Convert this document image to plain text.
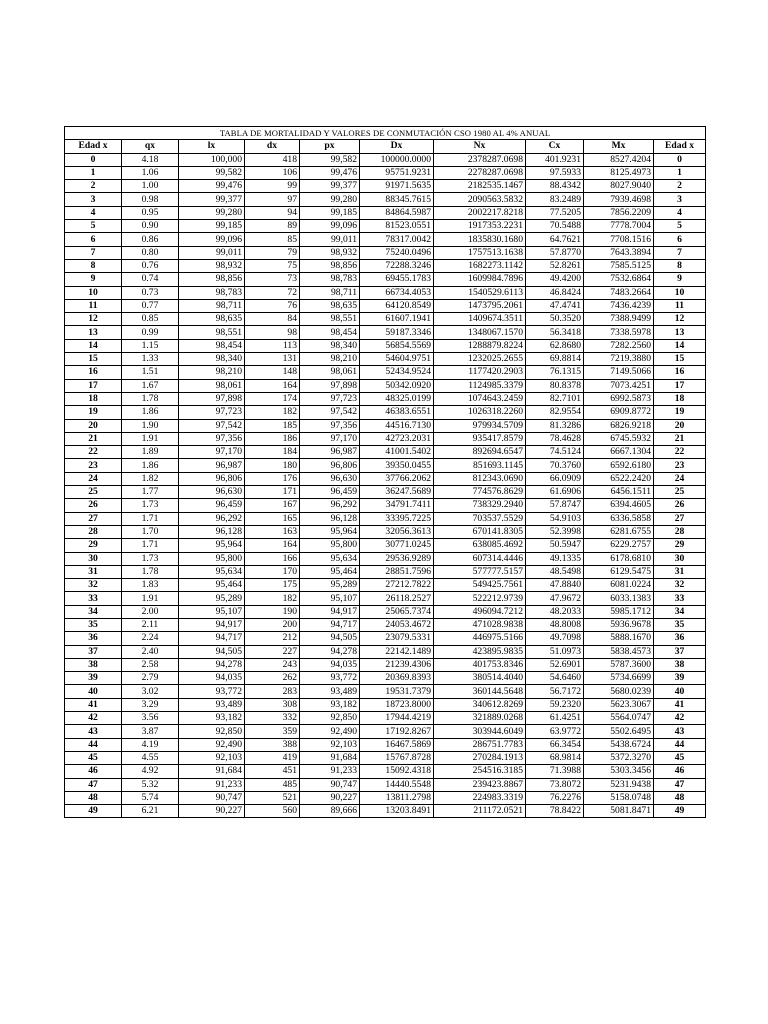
TABLA DE MORTALIDAD Y VALORES DE CONMUTACIÓN CSO 1980 AL 4% ANUAL									
Edad x	qx	lx	dx	px	Dx	Nx	Cx	Mx	Edad x
0	4.18	100,000	418	99,582	100000.0000	2378287.0698	401.9231	8527.4204	0
1	1.06	99,582	106	99,476	95751.9231	2278287.0698	97.5933	8125.4973	1
2	1.00	99,476	99	99,377	91971.5635	2182535.1467	88.4342	8027.9040	2
3	0.98	99,377	97	99,280	88345.7615	2090563.5832	83.2489	7939.4698	3
4	0.95	99,280	94	99,185	84864.5987	2002217.8218	77.5205	7856.2209	4
5	0.90	99,185	89	99,096	81523.0551	1917353.2231	70.5488	7778.7004	5
6	0.86	99,096	85	99,011	78317.0042	1835830.1680	64.7621	7708.1516	6
7	0.80	99,011	79	98,932	75240.0496	1757513.1638	57.8770	7643.3894	7
8	0.76	98,932	75	98,856	72288.3246	1682273.1142	52.8261	7585.5125	8
9	0.74	98,856	73	98,783	69455.1783	1609984.7896	49.4200	7532.6864	9
10	0.73	98,783	72	98,711	66734.4053	1540529.6113	46.8424	7483.2664	10
11	0.77	98,711	76	98,635	64120.8549	1473795.2061	47.4741	7436.4239	11
12	0.85	98,635	84	98,551	61607.1941	1409674.3511	50.3520	7388.9499	12
13	0.99	98,551	98	98,454	59187.3346	1348067.1570	56.3418	7338.5978	13
14	1.15	98,454	113	98,340	56854.5569	1288879.8224	62.8680	7282.2560	14
15	1.33	98,340	131	98,210	54604.9751	1232025.2655	69.8814	7219.3880	15
16	1.51	98,210	148	98,061	52434.9524	1177420.2903	76.1315	7149.5066	16
17	1.67	98,061	164	97,898	50342.0920	1124985.3379	80.8378	7073.4251	17
18	1.78	97,898	174	97,723	48325.0199	1074643.2459	82.7101	6992.5873	18
19	1.86	97,723	182	97,542	46383.6551	1026318.2260	82.9554	6909.8772	19
20	1.90	97,542	185	97,356	44516.7130	979934.5709	81.3286	6826.9218	20
21	1.91	97,356	186	97,170	42723.2031	935417.8579	78.4628	6745.5932	21
22	1.89	97,170	184	96,987	41001.5402	892694.6547	74.5124	6667.1304	22
23	1.86	96,987	180	96,806	39350.0455	851693.1145	70.3760	6592.6180	23
24	1.82	96,806	176	96,630	37766.2062	812343.0690	66.0909	6522.2420	24
25	1.77	96,630	171	96,459	36247.5689	774576.8629	61.6906	6456.1511	25
26	1.73	96,459	167	96,292	34791.7411	738329.2940	57.8747	6394.4605	26
27	1.71	96,292	165	96,128	33395.7225	703537.5529	54.9103	6336.5858	27
28	1.70	96,128	163	95,964	32056.3613	670141.8305	52.3998	6281.6755	28
29	1.71	95,964	164	95,800	30771.0245	638085.4692	50.5947	6229.2757	29
30	1.73	95,800	166	95,634	29536.9289	607314.4446	49.1335	6178.6810	30
31	1.78	95,634	170	95,464	28851.7596	577777.5157	48.5498	6129.5475	31
32	1.83	95,464	175	95,289	27212.7822	549425.7561	47.8840	6081.0224	32
33	1.91	95,289	182	95,107	26118.2527	522212.9739	47.9672	6033.1383	33
34	2.00	95,107	190	94,917	25065.7374	496094.7212	48.2033	5985.1712	34
35	2.11	94,917	200	94,717	24053.4672	471028.9838	48.8008	5936.9678	35
36	2.24	94,717	212	94,505	23079.5331	446975.5166	49.7098	5888.1670	36
37	2.40	94,505	227	94,278	22142.1489	423895.9835	51.0973	5838.4573	37
38	2.58	94,278	243	94,035	21239.4306	401753.8346	52.6901	5787.3600	38
39	2.79	94,035	262	93,772	20369.8393	380514.4040	54.6460	5734.6699	39
40	3.02	93,772	283	93,489	19531.7379	360144.5648	56.7172	5680.0239	40
41	3.29	93,489	308	93,182	18723.8000	340612.8269	59.2320	5623.3067	41
42	3.56	93,182	332	92,850	17944.4219	321889.0268	61.4251	5564.0747	42
43	3.87	92,850	359	92,490	17192.8267	303944.6049	63.9772	5502.6495	43
44	4.19	92,490	388	92,103	16467.5869	286751.7783	66.3454	5438.6724	44
45	4.55	92,103	419	91,684	15767.8728	270284.1913	68.9814	5372.3270	45
46	4.92	91,684	451	91,233	15092.4318	254516.3185	71.3988	5303.3456	46
47	5.32	91,233	485	90,747	14440.5548	239423.8867	73.8072	5231.9438	47
48	5.74	90,747	521	90,227	13811.2798	224983.3319	76.2276	5158.0748	48
49	6.21	90,227	560	89,666	13203.8491	211172.0521	78.8422	5081.8471	49
